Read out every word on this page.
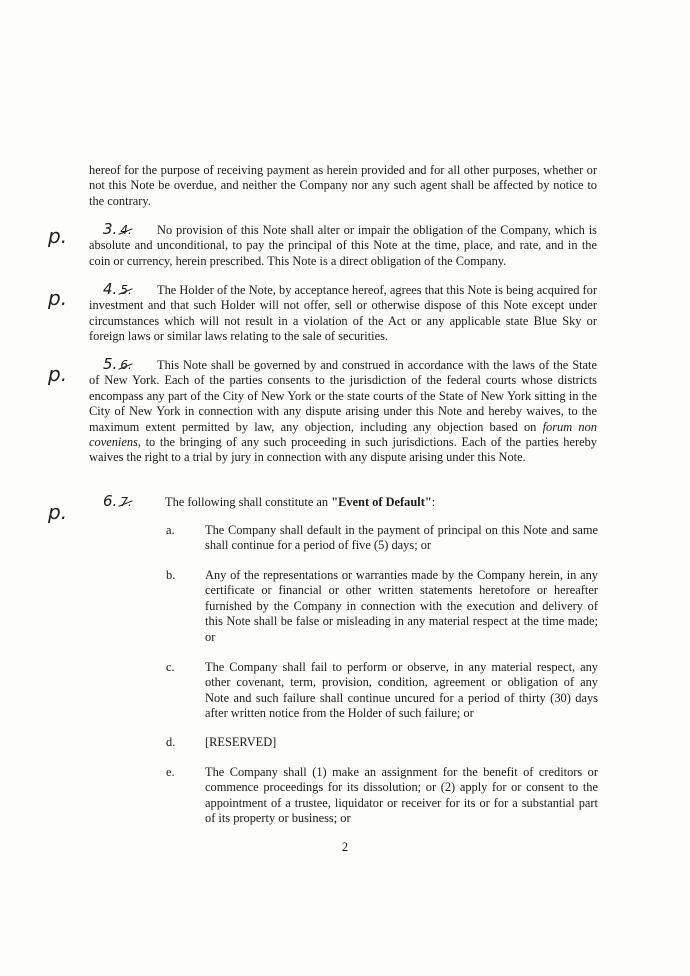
hereof for the purpose of receiving payment as herein provided and for all other purposes, whether or not this Note be overdue, and neither the Company nor any such agent shall be affected by notice to the contrary.
p.	3. 4. No provision of this Note shall alter or impair the obligation of the Company, which is absolute and unconditional, to pay the principal of this Note at the time, place, and rate, and in the coin or currency, herein prescribed. This Note is a direct obligation of the Company.
p.	4. 5. The Holder of the Note, by acceptance hereof, agrees that this Note is being acquired for investment and that such Holder will not offer, sell or otherwise dispose of this Note except under circumstances which will not result in a violation of the Act or any applicable state Blue Sky or foreign laws or similar laws relating to the sale of securities.
p.	5. 6. This Note shall be governed by and construed in accordance with the laws of the State of New York. Each of the parties consents to the jurisdiction of the federal courts whose districts encompass any part of the City of New York or the state courts of the State of New York sitting in the City of New York in connection with any dispute arising under this Note and hereby waives, to the maximum extent permitted by law, any objection, including any objection based on forum non coveniens, to the bringing of any such proceeding in such jurisdictions. Each of the parties hereby waives the right to a trial by jury in connection with any dispute arising under this Note.
p.	6. 7.	The following shall constitute an "Event of Default":
a. The Company shall default in the payment of principal on this Note and same shall continue for a period of five (5) days; or
b. Any of the representations or warranties made by the Company herein, in any certificate or financial or other written statements heretofore or hereafter furnished by the Company in connection with the execution and delivery of this Note shall be false or misleading in any material respect at the time made; or
c. The Company shall fail to perform or observe, in any material respect, any other covenant, term, provision, condition, agreement or obligation of any Note and such failure shall continue uncured for a period of thirty (30) days after written notice from the Holder of such failure; or
d. [RESERVED]
e. The Company shall (1) make an assignment for the benefit of creditors or commence proceedings for its dissolution; or (2) apply for or consent to the appointment of a trustee, liquidator or receiver for its or for a substantial part of its property or business; or
2
